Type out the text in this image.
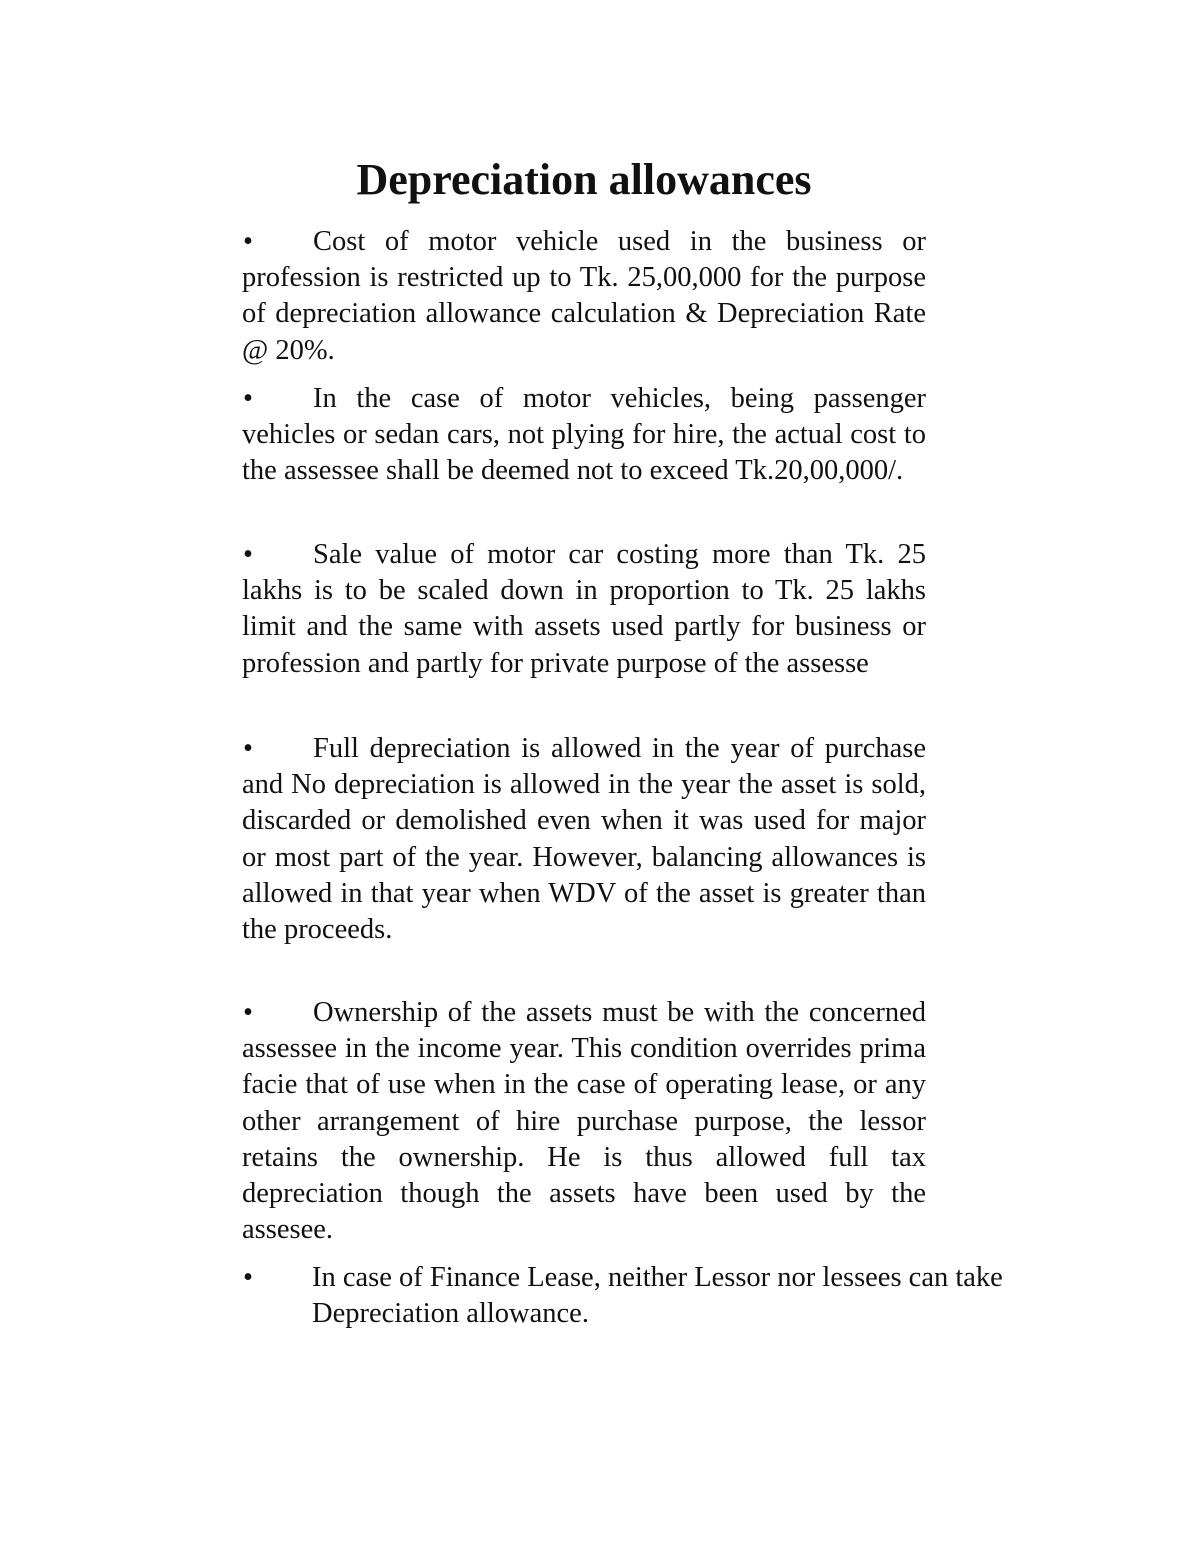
Depreciation allowances

• Cost of motor vehicle used in the business or profession is restricted up to Tk. 25,00,000 for the purpose of depreciation allowance calculation & Depreciation Rate @ 20%.

• In the case of motor vehicles, being passenger vehicles or sedan cars, not plying for hire, the actual cost to the assessee shall be deemed not to exceed Tk.20,00,000/.

• Sale value of motor car costing more than Tk. 25 lakhs is to be scaled down in proportion to Tk. 25 lakhs limit and the same with assets used partly for business or profession and partly for private purpose of the assesse

• Full depreciation is allowed in the year of purchase and No depreciation is allowed in the year the asset is sold, discarded or demolished even when it was used for major or most part of the year. However, balancing allowances is allowed in that year when WDV of the asset is greater than the proceeds.

• Ownership of the assets must be with the concerned assessee in the income year. This condition overrides prima facie that of use when in the case of operating lease, or any other arrangement of hire purchase purpose, the lessor retains the ownership. He is thus allowed full tax depreciation though the assets have been used by the assesee.

•	In case of Finance Lease, neither Lessor nor lessees can take Depreciation allowance.
